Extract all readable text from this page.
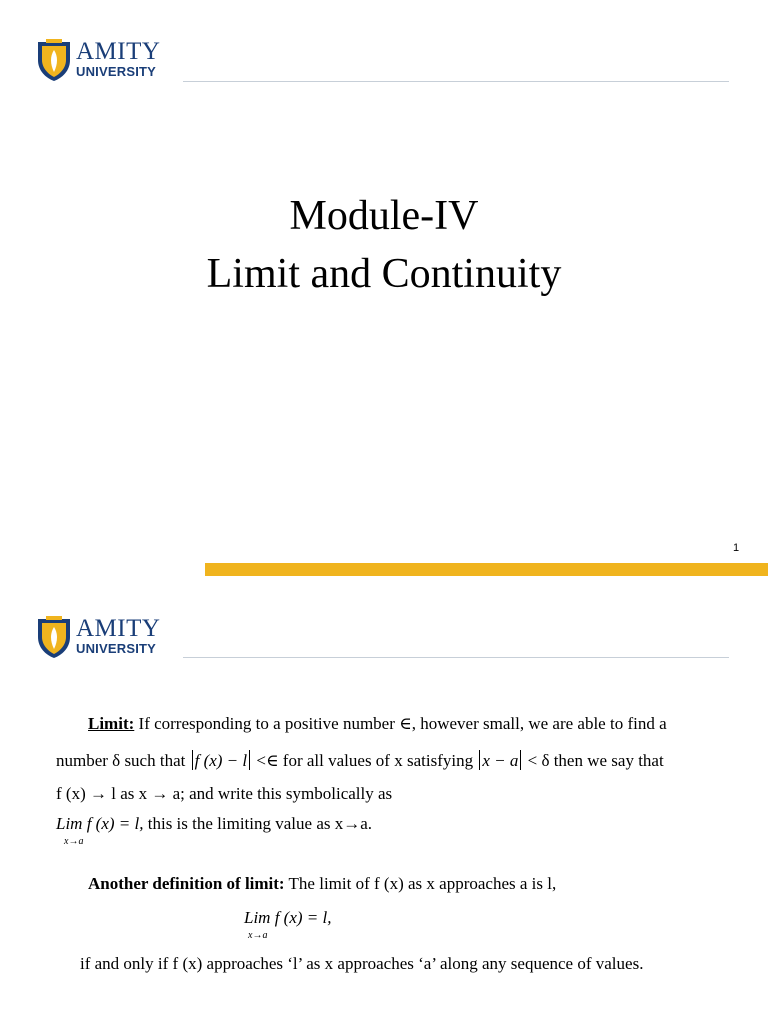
AMITY
UNIVERSITY
Module-IV
Limit and Continuity
1
AMITY
UNIVERSITY
Limit: If corresponding to a positive number ∈, however small, we are able to find a
number δ such that f (x) − l <∈ for all values of x satisfying x − a < δ then we say that
f (x) → l as x → a; and write this symbolically as
Lim f (x) = l, this is the limiting value as x→a.
x→a
Another definition of limit: The limit of f (x) as x approaches a is l,
Lim f (x) = l,
x→a
if and only if f (x) approaches ‘l’ as x approaches ‘a’ along any sequence of values.
